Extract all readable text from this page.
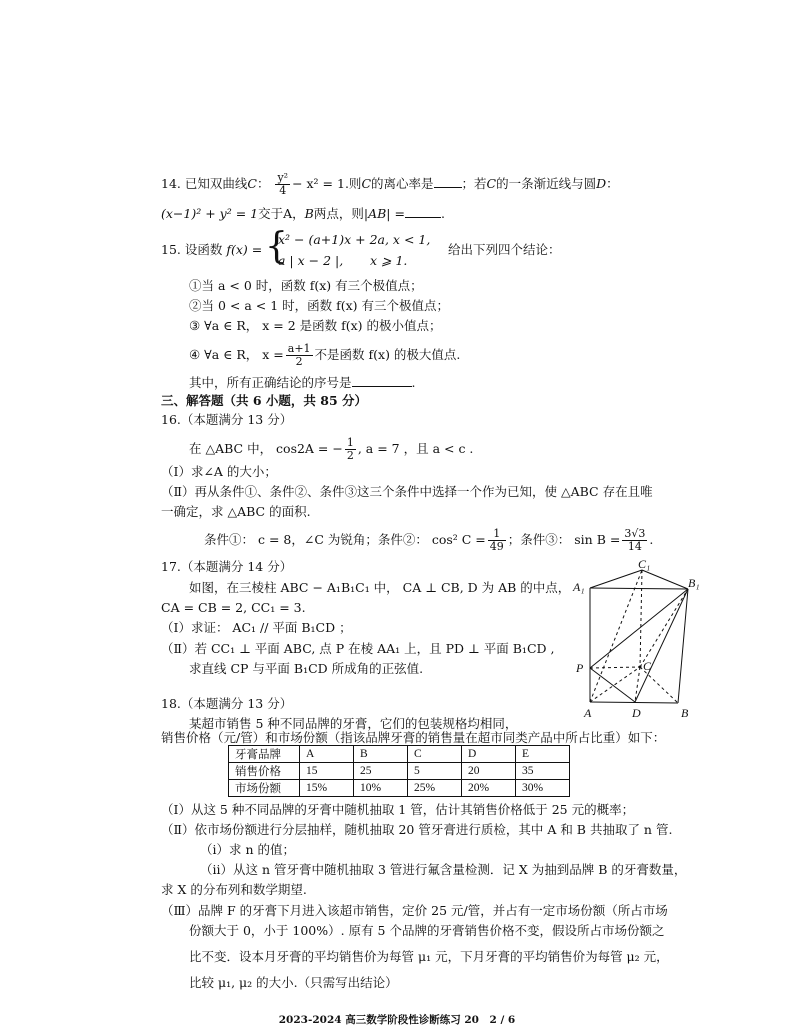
14. 已知双曲线C： $\frac{\text{y²}}{4} - x^2 = 1$.则C的离心率是 ；若C的一条渐近线与圆D：
(x−1)² + y² = 1交于A，B两点，则|AB| =	.
15. 设函数 f(x) = {
x² − (a+1)x + 2a, x < 1,
a | x − 2 |, x ⩾ 1.
给出下列四个结论：
①当 a < 0 时，函数 f(x) 有三个极值点；
②当 0 < a < 1 时，函数 f(x) 有三个极值点；
③ ∀a ∈ R， x = 2 是函数 f(x) 的极小值点；
④ ∀a ∈ R， $x = \frac{a+1}{2}$ 不是函数 f(x) 的极大值点.
其中，所有正确结论的序号是	.
三、解答题（共 6 小题，共 85 分）
16.（本题满分 13 分）
在 △ABC 中， cos2A = − $\frac{1}{2}$ , a = 7 ，且 a < c .
（Ⅰ）求∠A 的大小；
（Ⅱ）再从条件①、条件②、条件③这三个条件中选择一个作为已知，使 △ABC 存在且唯
一确定，求 △ABC 的面积.
条件①： c = 8，∠C 为锐角；条件②： cos² $C = \frac{1}{49}$ ；条件③： $\sin B = \frac{3√3}{14}$ .
17.（本题满分 14 分）
如图，在三棱柱 ABC − A₁B₁C₁ 中， CA ⊥ CB, D 为 AB 的中点，
CA = CB = 2, CC₁ = 3.
（Ⅰ）求证： AC₁ // 平面 B₁CD ；
（Ⅱ）若 CC₁ ⊥ 平面 ABC, 点 P 在棱 AA₁ 上，且 PD ⊥ 平面 B₁CD ,
求直线 CP 与平面 B₁CD 所成角的正弦值.
C₁
A₁	B₁
P	C
A	D	B
18.（本题满分 13 分）
某超市销售 5 种不同品牌的牙膏，它们的包装规格均相同，
销售价格（元/管）和市场份额（指该品牌牙膏的销售量在超市同类产品中所占比重）如下：
牙膏品牌	A	B	C	D	E
销售价格	15	25	5	20	35
市场份额	15%	10%	25%	20%	30%
（Ⅰ）从这 5 种不同品牌的牙膏中随机抽取 1 管，估计其销售价格低于 25 元的概率；
（Ⅱ）依市场份额进行分层抽样，随机抽取 20 管牙膏进行质检，其中 A 和 B 共抽取了 n 管.
（i）求 n 的值；
（ii）从这 n 管牙膏中随机抽取 3 管进行氟含量检测．记 X 为抽到品牌 B 的牙膏数量，
求 X 的分布列和数学期望.
（Ⅲ）品牌 F 的牙膏下月进入该超市销售，定价 25 元/管，并占有一定市场份额（所占市场
份额大于 0，小于 100%）. 原有 5 个品牌的牙膏销售价格不变，假设所占市场份额之
比不变．设本月牙膏的平均销售价为每管 μ₁ 元，下月牙膏的平均销售价为每管 μ₂ 元，
比较 μ₁, μ₂ 的大小.（只需写出结论）
2023-2024 高三数学阶段性诊断练习 20　2 / 6
